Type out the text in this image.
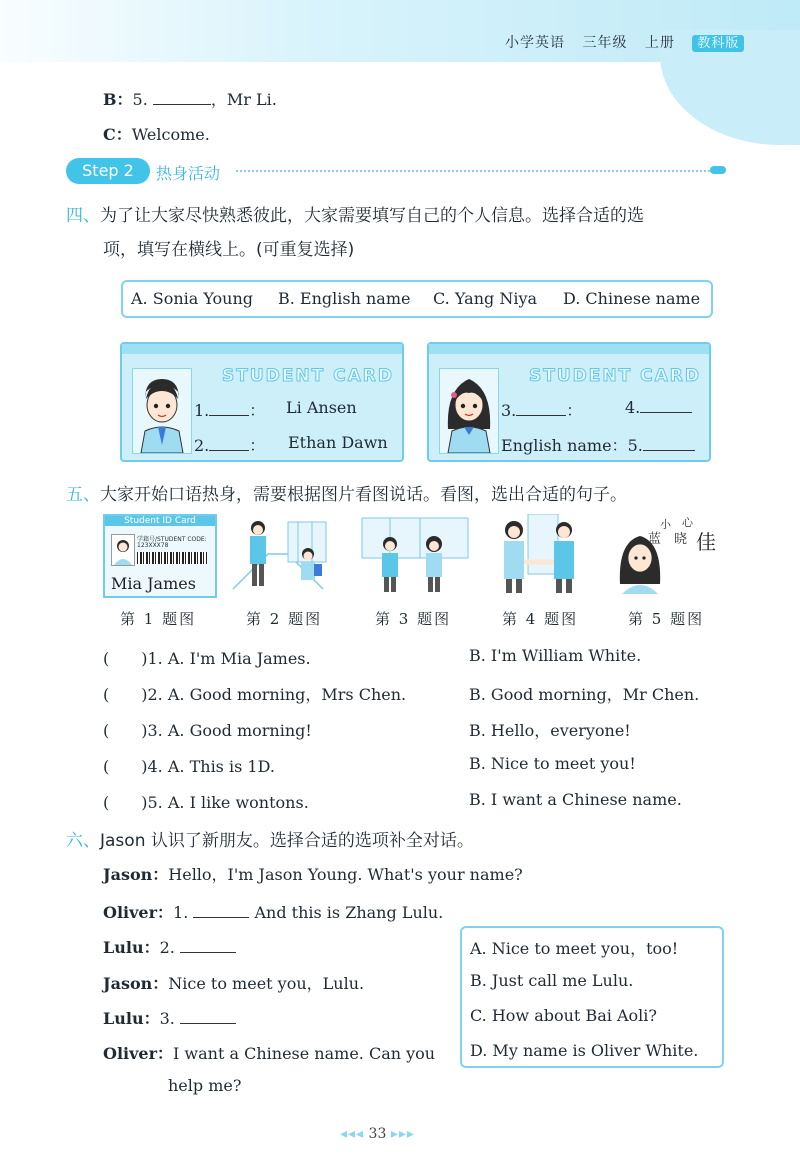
小学英语 三年级 上册 教科版
B：5.	，Mr Li.
C：Welcome.
Step 2	热身活动
四、为了让大家尽快熟悉彼此，大家需要填写自己的个人信息。选择合适的选
项，填写在横线上。(可重复选择)
A. Sonia Young B. English name C. Yang Niya D. Chinese name
STUDENT CARD
1.	： Li Ansen
2.	： Ethan Dawn
STUDENT CARD
3.	：	4.
English name：5.
五、大家开始口语热身，需要根据图片看图说话。看图，选出合适的句子。
Student ID Card
学籍号/STUDENT CODE:
123XXX78
Mia James
小 心
蓝 晓 佳
第 1 题图	第 2 题图	第 3 题图	第 4 题图	第 5 题图
(　　)1. A. I'm Mia James.	B. I'm William White.
(　　)2. A. Good morning，Mrs Chen.	B. Good morning，Mr Chen.
(　　)3. A. Good morning!	B. Hello，everyone!
(　　)4. A. This is 1D.	B. Nice to meet you!
(　　)5. A. I like wontons.	B. I want a Chinese name.
六、Jason 认识了新朋友。选择合适的选项补全对话。
Jason：Hello，I'm Jason Young. What's your name?
Oliver：1.	And this is Zhang Lulu.
Lulu：2.
Jason：Nice to meet you，Lulu.
Lulu：3.
Oliver：I want a Chinese name. Can you
help me?
A. Nice to meet you，too!
B. Just call me Lulu.
C. How about Bai Aoli?
D. My name is Oliver White.
◂◂◂ 33 ▸▸▸
